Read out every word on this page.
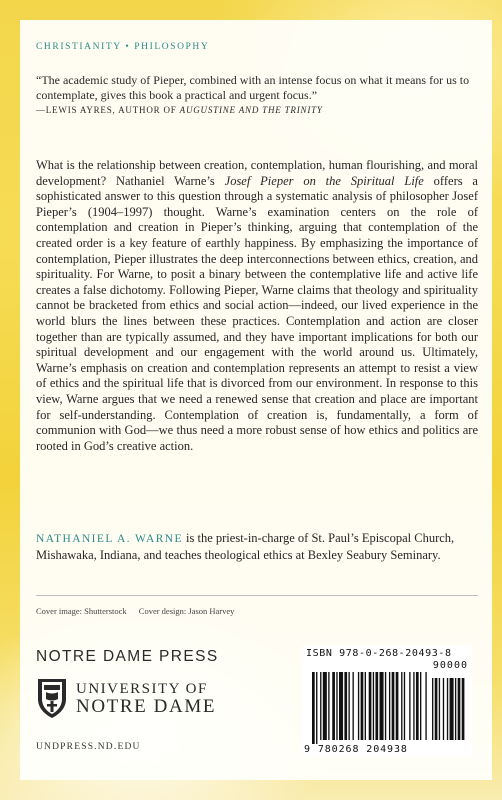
CHRISTIANITY • PHILOSOPHY
“The academic study of Pieper, combined with an intense focus on what it means for us to contemplate, gives this book a practical and urgent focus.”
—LEWIS AYRES, AUTHOR OF AUGUSTINE AND THE TRINITY
What is the relationship between creation, contemplation, human flourishing, and moral development? Nathaniel Warne’s Josef Pieper on the Spiritual Life offers a sophisticated answer to this question through a systematic analysis of philosopher Josef Pieper’s (1904–1997) thought. Warne’s examination centers on the role of contemplation and creation in Pieper’s thinking, arguing that contemplation of the created order is a key feature of earthly happiness. By emphasizing the importance of contemplation, Pieper illustrates the deep interconnections between ethics, creation, and spirituality. For Warne, to posit a binary between the contemplative life and active life creates a false dichotomy. Following Pieper, Warne claims that theology and spirituality cannot be bracketed from ethics and social action—indeed, our lived experience in the world blurs the lines between these practices. Contemplation and action are closer together than are typically assumed, and they have important implications for both our spiritual development and our engagement with the world around us. Ultimately, Warne’s emphasis on creation and contemplation represents an attempt to resist a view of ethics and the spiritual life that is divorced from our environment. In response to this view, Warne argues that we need a renewed sense that creation and place are important for self-understanding. Contemplation of creation is, fundamentally, a form of communion with God—we thus need a more robust sense of how ethics and politics are rooted in God’s creative action.
NATHANIEL A. WARNE is the priest-in-charge of St. Paul’s Episcopal Church, Mishawaka, Indiana, and teaches theological ethics at Bexley Seabury Seminary.
Cover image: Shutterstock Cover design: Jason Harvey
NOTRE DAME PRESS
UNIVERSITY OF
NOTRE DAME
UNDPRESS.ND.EDU
ISBN 978-0-268-20493-8
90000
9 780268 204938
